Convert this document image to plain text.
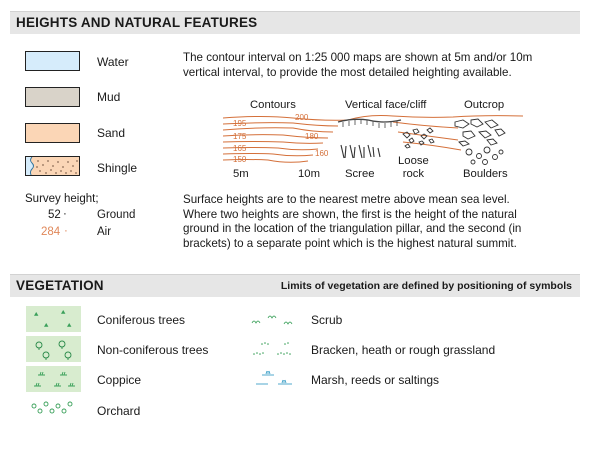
HEIGHTS AND NATURAL FEATURES
Water
Mud
Sand
Shingle
Survey height;
52 ·	Ground
284 ·	Air
The contour interval on 1:25 000 maps are shown at 5m and/or 10m
vertical interval, to provide the most detailed heighting available.
Contours	Vertical face/cliff	Outcrop
195
200
175	180
165
160
150
5m	10m Scree
Loose
rock	Boulders
Surface heights are to the nearest metre above mean sea level.
Where two heights are shown, the first is the height of the natural
ground in the location of the triangulation pillar, and the second (in
brackets) to a separate point which is the highest natural summit.
VEGETATION	Limits of vegetation are defined by positioning of symbols
⯅	⯅
⯅ ⯅ Coniferous trees
Non-coniferous trees
Coppice
Orchard
Scrub
Bracken, heath or rough grassland
Marsh, reeds or saltings
